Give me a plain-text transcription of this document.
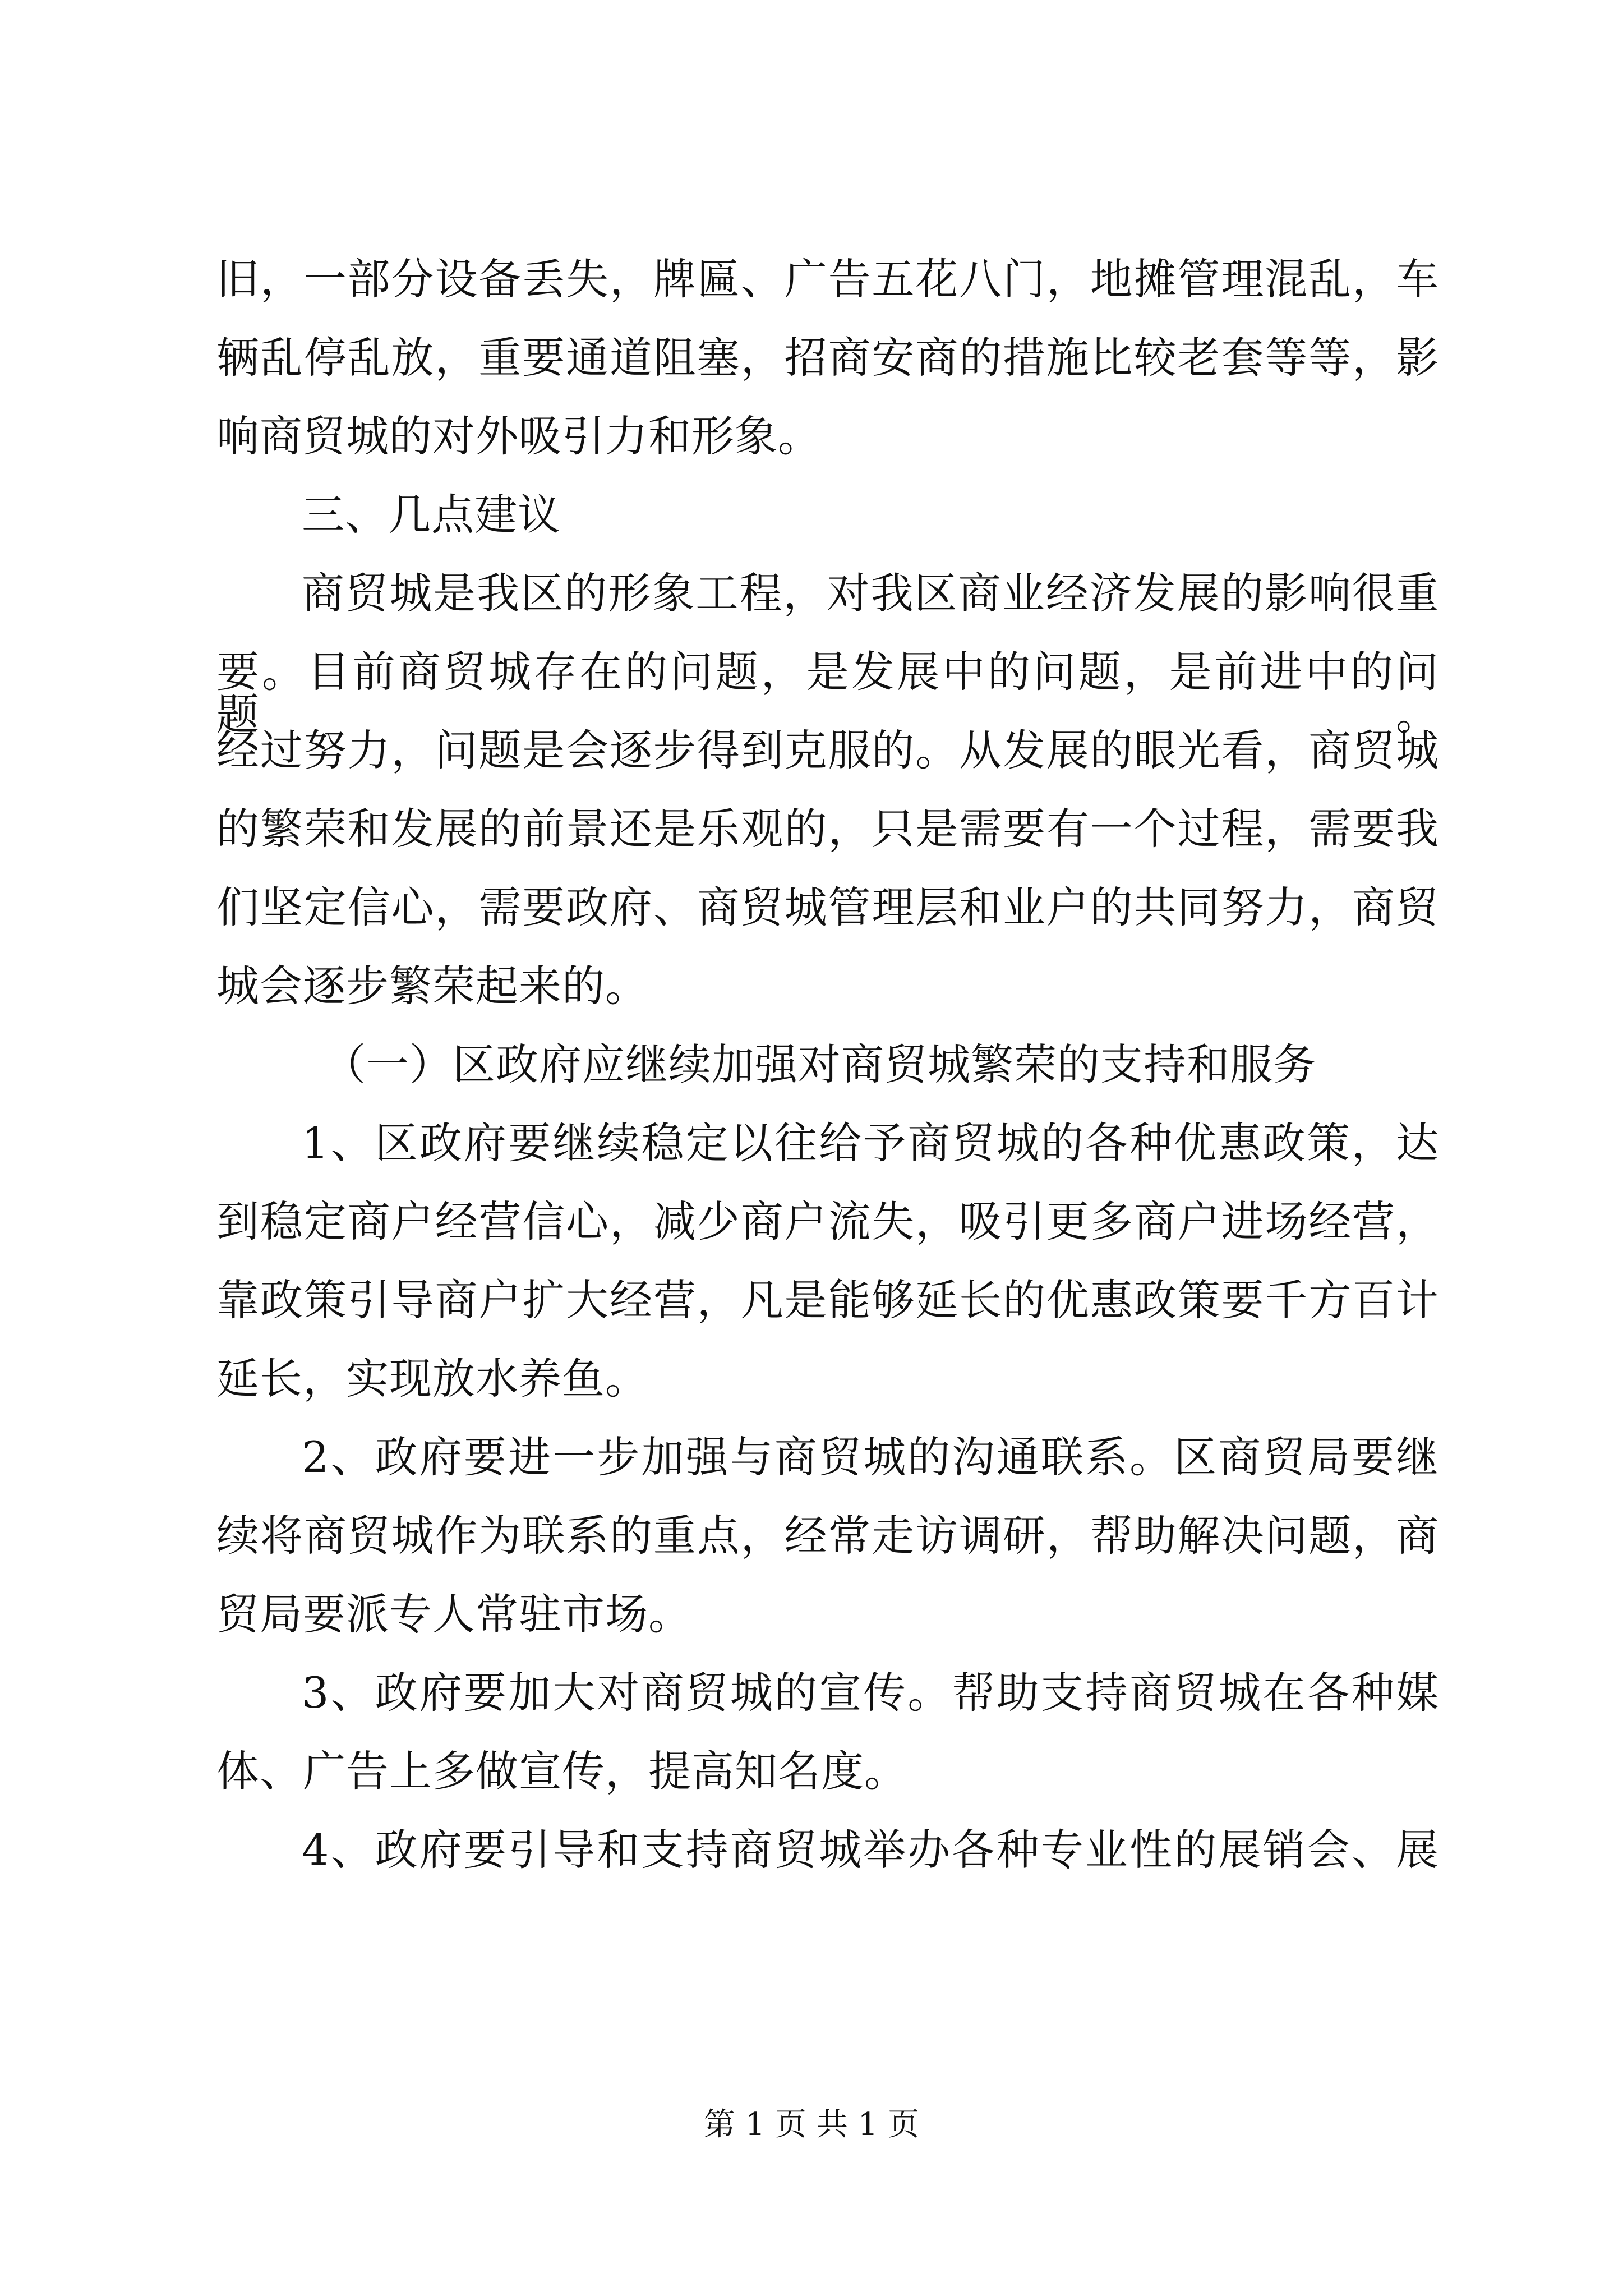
旧，一部分设备丢失，牌匾、广告五花八门，地摊管理混乱，车
辆乱停乱放，重要通道阻塞，招商安商的措施比较老套等等，影
响商贸城的对外吸引力和形象。
三、几点建议
商贸城是我区的形象工程，对我区商业经济发展的影响很重
要。目前商贸城存在的问题，是发展中的问题，是前进中的问题。
经过努力，问题是会逐步得到克服的。从发展的眼光看，商贸城
的繁荣和发展的前景还是乐观的，只是需要有一个过程，需要我
们坚定信心，需要政府、商贸城管理层和业户的共同努力，商贸
城会逐步繁荣起来的。
（一）区政府应继续加强对商贸城繁荣的支持和服务
1、区政府要继续稳定以往给予商贸城的各种优惠政策，达
到稳定商户经营信心，减少商户流失，吸引更多商户进场经营，
靠政策引导商户扩大经营，凡是能够延长的优惠政策要千方百计
延长，实现放水养鱼。
2、政府要进一步加强与商贸城的沟通联系。区商贸局要继
续将商贸城作为联系的重点，经常走访调研，帮助解决问题，商
贸局要派专人常驻市场。
3、政府要加大对商贸城的宣传。帮助支持商贸城在各种媒
体、广告上多做宣传，提高知名度。
4、政府要引导和支持商贸城举办各种专业性的展销会、展
第 1 页 共 1 页
